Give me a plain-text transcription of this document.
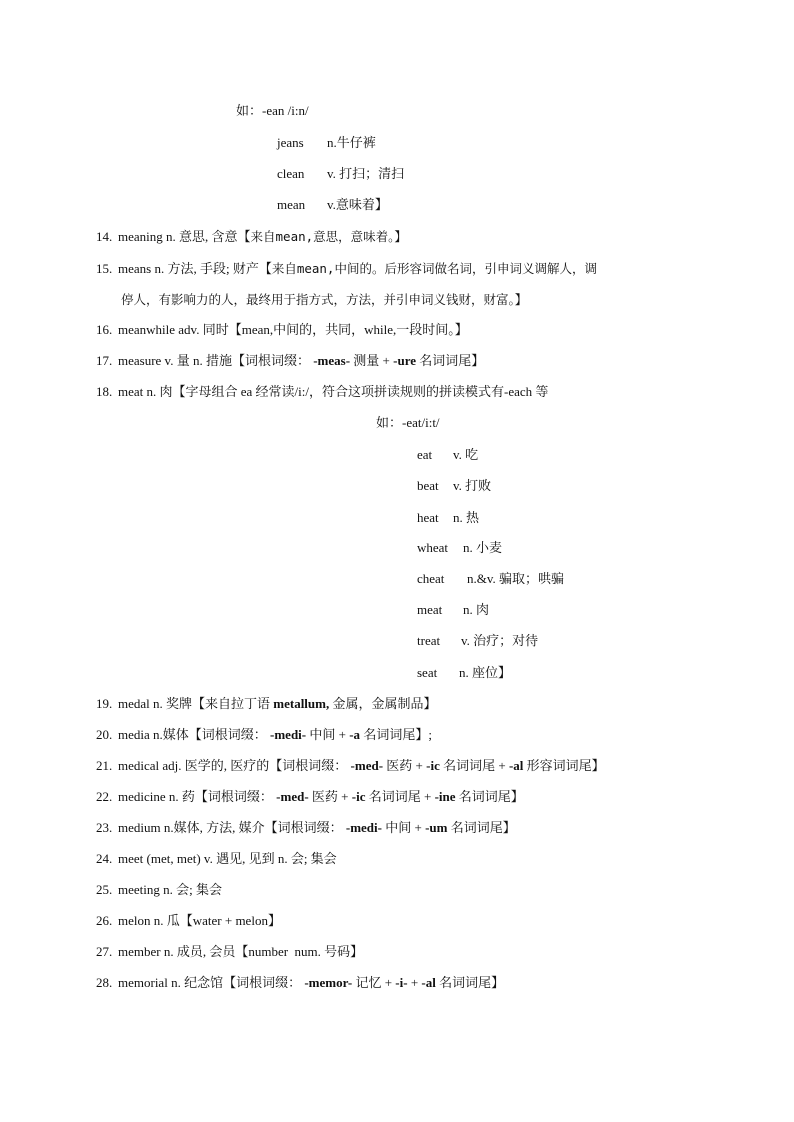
如：-ean /i:n/
jeans n.牛仔裤
clean v. 打扫；清扫
mean v.意味着】
14. meaning n. 意思, 含意【来自mean,意思，意味着。】
15. means n. 方法, 手段; 财产【来自mean,中间的。后形容词做名词，引申词义调解人，调
停人，有影响力的人，最终用于指方式，方法，并引申词义钱财，财富。】
16. meanwhile adv. 同时【mean,中间的，共同，while,一段时间。】
17. measure v. 量 n. 措施【词根词缀： -meas- 测量 + -ure 名词词尾】
18. meat n. 肉【字母组合 ea 经常读/i:/，符合这项拼读规则的拼读模式有-each 等
如：-eat/i:t/
eat v. 吃
beat v. 打败
heat n. 热
wheat n. 小麦
cheat n.&v. 骗取；哄骗
meat n. 肉
treat v. 治疗；对待
seat n. 座位】
19. medal n. 奖牌【来自拉丁语 metallum, 金属，金属制品】
20. media n.媒体【词根词缀： -medi- 中间 + -a 名词词尾】;
21. medical adj. 医学的, 医疗的【词根词缀： -med- 医药 + -ic 名词词尾 + -al 形容词词尾】
22. medicine n. 药【词根词缀： -med- 医药 + -ic 名词词尾 + -ine 名词词尾】
23. medium n.媒体, 方法, 媒介【词根词缀： -medi- 中间 + -um 名词词尾】
24. meet (met, met) v. 遇见, 见到 n. 会; 集会
25. meeting n. 会; 集会
26. melon n. 瓜【water + melon】
27. member n. 成员, 会员【number  num. 号码】
28. memorial n. 纪念馆【词根词缀： -memor- 记忆 + -i- + -al 名词词尾】
